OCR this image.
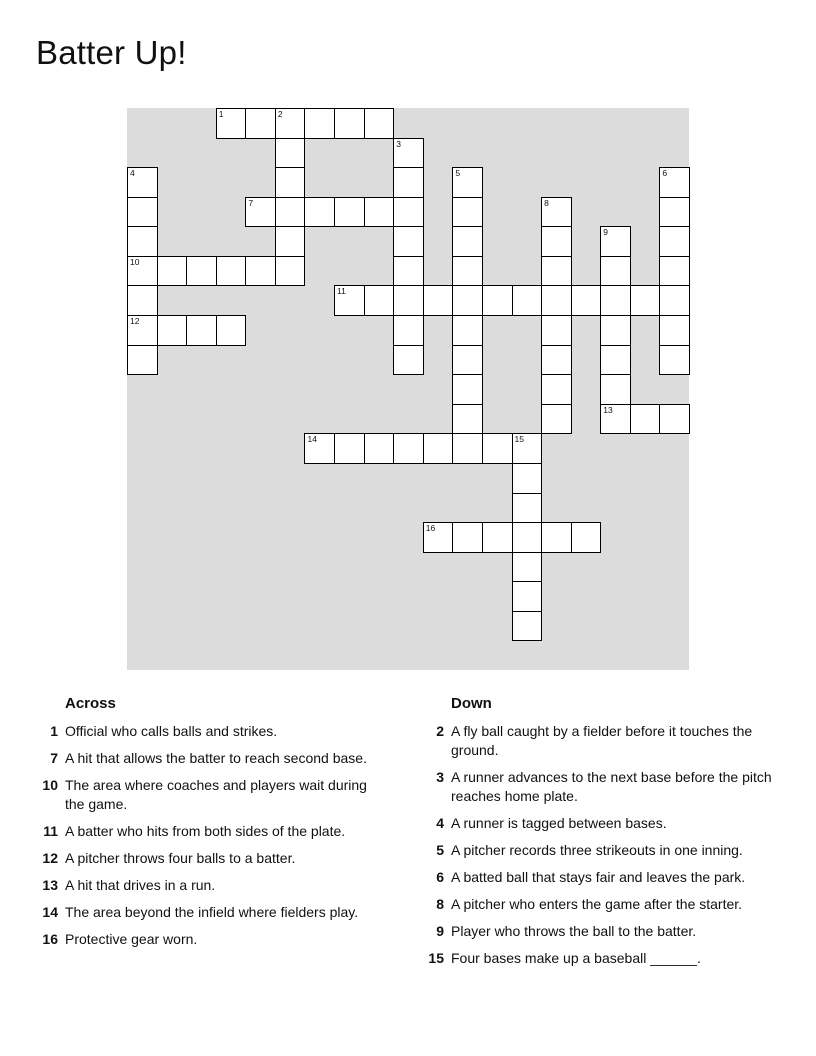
Batter Up!
1	2
7
10
11
12
13
14	15
16
3
4	5	6
8
9
Across
1 Official who calls balls and strikes.
7 A hit that allows the batter to reach second base.
10 The area where coaches and players wait during the game.
11 A batter who hits from both sides of the plate.
12 A pitcher throws four balls to a batter.
13 A hit that drives in a run.
14 The area beyond the infield where fielders play.
16 Protective gear worn.
Down
2 A fly ball caught by a fielder before it touches the ground.
3 A runner advances to the next base before the pitch reaches home plate.
4 A runner is tagged between bases.
5 A pitcher records three strikeouts in one inning.
6 A batted ball that stays fair and leaves the park.
8 A pitcher who enters the game after the starter.
9 Player who throws the ball to the batter.
15 Four bases make up a baseball ______.
